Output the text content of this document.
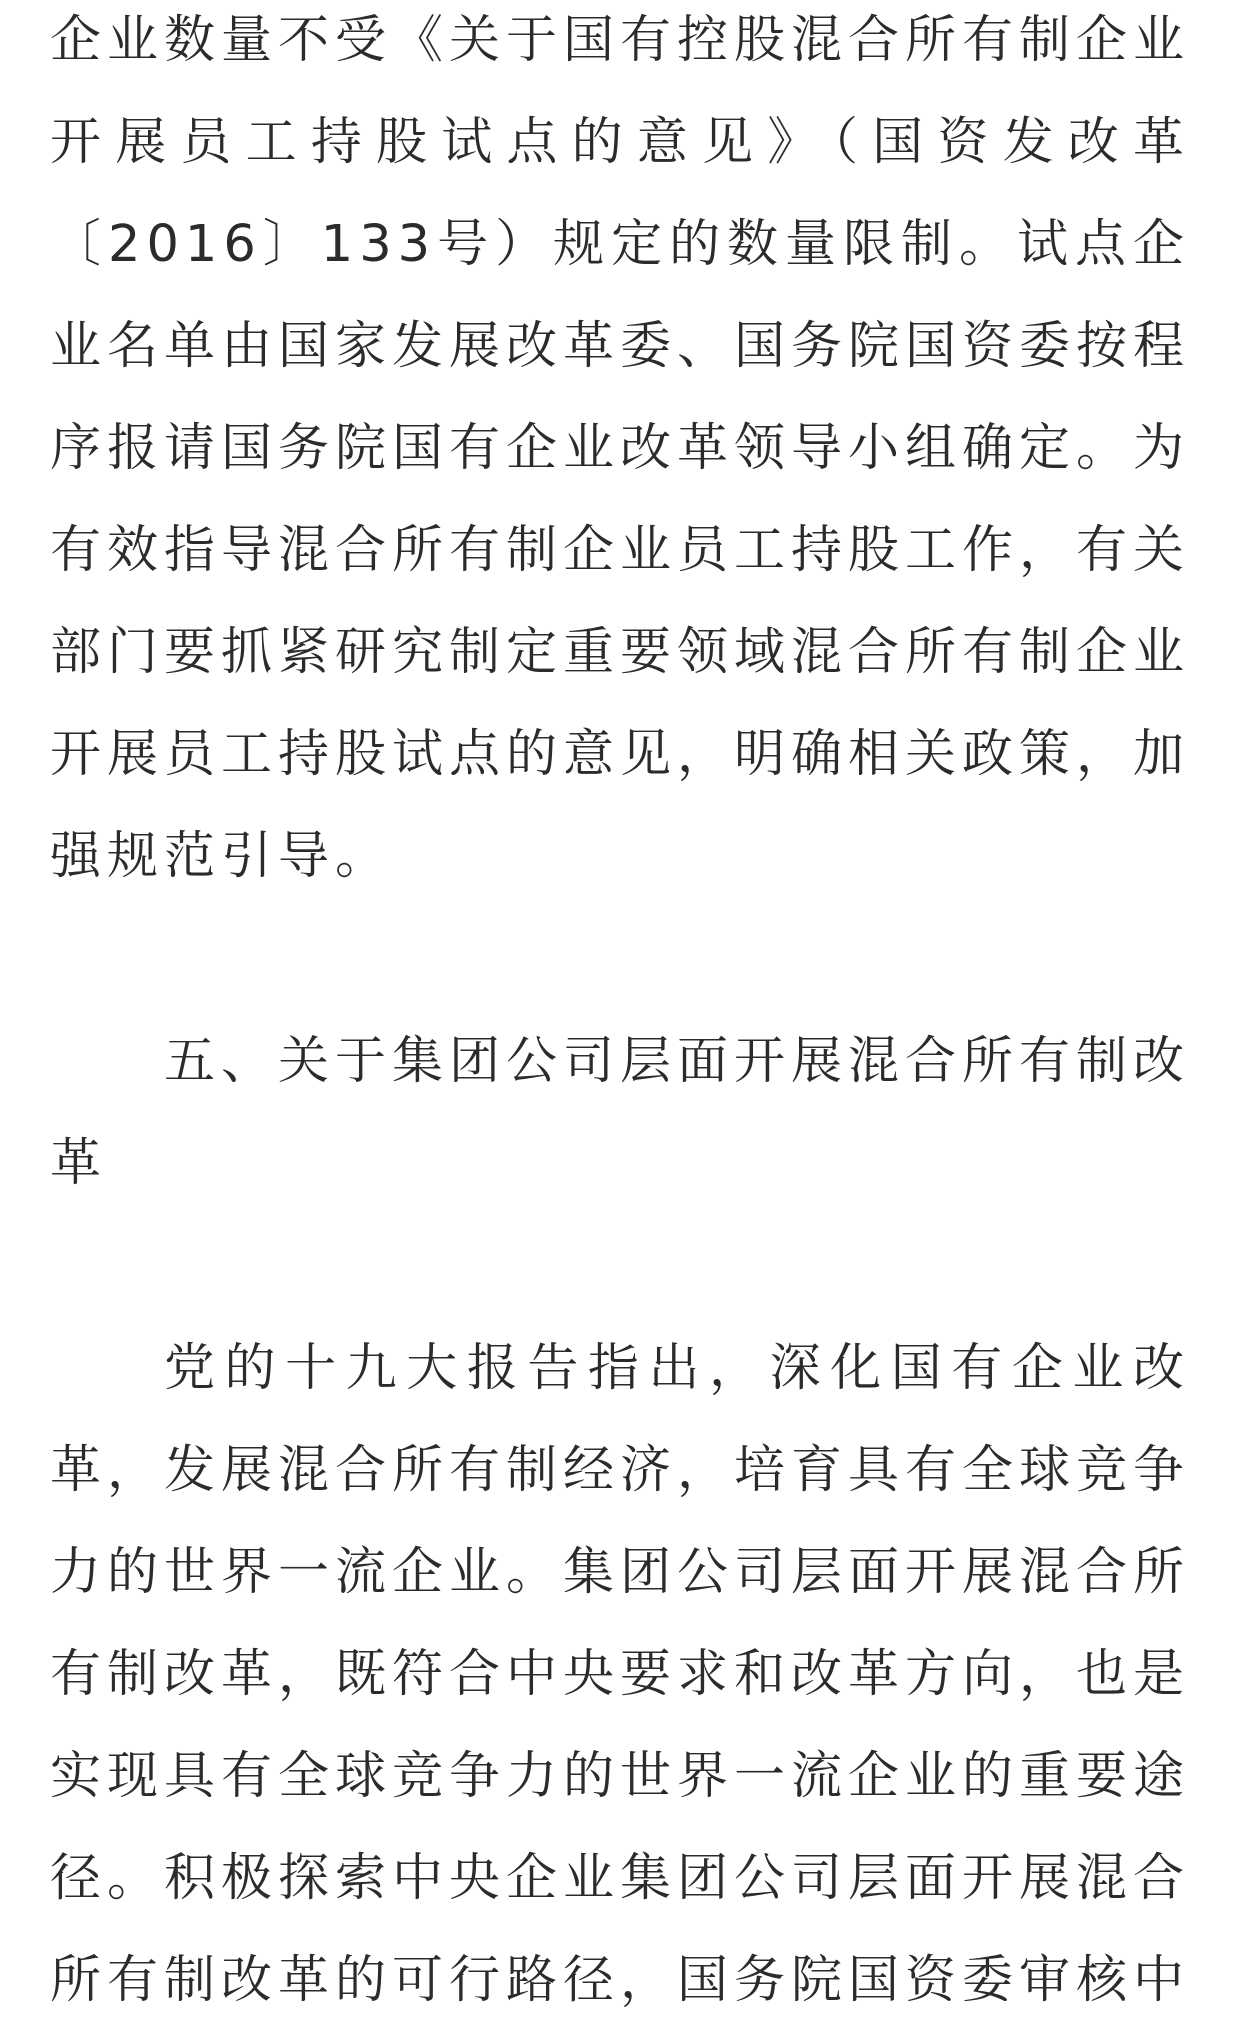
企业数量不受《关于国有控股混合所有制企业开展员工持股试点的意见》（国资发改革〔2016〕133号）规定的数量限制。试点企业名单由国家发展改革委、国务院国资委按程序报请国务院国有企业改革领导小组确定。为有效指导混合所有制企业员工持股工作，有关部门要抓紧研究制定重要领域混合所有制企业开展员工持股试点的意见，明确相关政策，加强规范引导。

五、关于集团公司层面开展混合所有制改革

党的十九大报告指出，深化国有企业改革，发展混合所有制经济，培育具有全球竞争力的世界一流企业。集团公司层面开展混合所有制改革，既符合中央要求和改革方向，也是实现具有全球竞争力的世界一流企业的重要途径。积极探索中央企业集团公司层面开展混合所有制改革的可行路径，国务院国资委审核中
